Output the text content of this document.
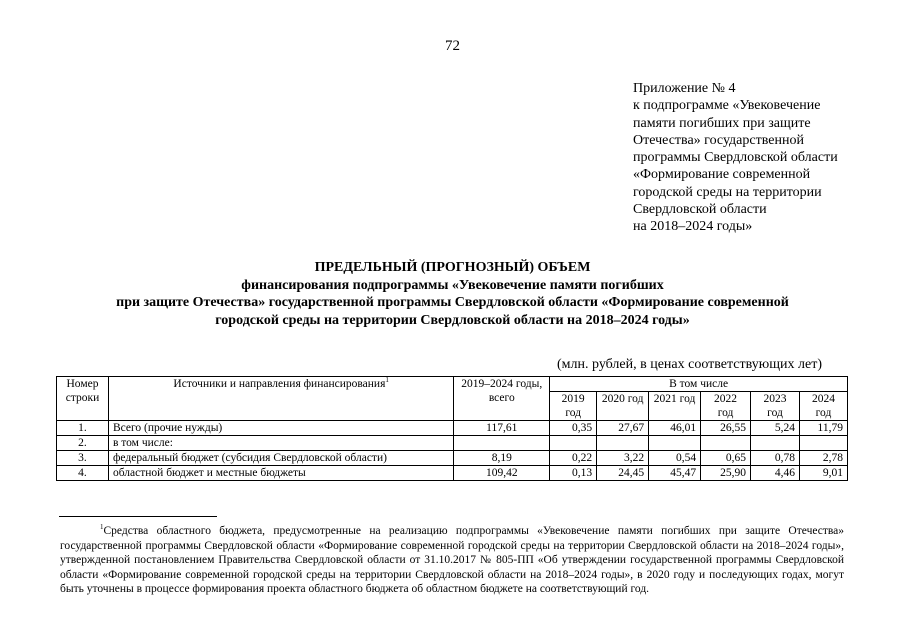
72
Приложение № 4
к подпрограмме «Увековечение
памяти погибших при защите
Отечества» государственной
программы Свердловской области
«Формирование современной
городской среды на территории
Свердловской области
на 2018–2024 годы»
ПРЕДЕЛЬНЫЙ (ПРОГНОЗНЫЙ) ОБЪЕМ
финансирования подпрограммы «Увековечение памяти погибших
при защите Отечества» государственной программы Свердловской области «Формирование современной
городской среды на территории Свердловской области на 2018–2024 годы»
(млн. рублей, в ценах соответствующих лет)
Номер строки	Источники и направления финансирования$^1$	2019–2024 годы, всего	В том числе					
			2019 год	2020 год	2021 год	2022 год	2023 год	2024 год
1.	Всего (прочие нужды)	117,61	0,35	27,67	46,01	26,55	5,24	11,79
2.	в том числе:							
3.	федеральный бюджет (субсидия Свердловской области)	8,19	0,22	3,22	0,54	0,65	0,78	2,78
4.	областной бюджет и местные бюджеты	109,42	0,13	24,45	45,47	25,90	4,46	9,01
$^1$Средства областного бюджета, предусмотренные на реализацию подпрограммы «Увековечение памяти погибших при защите Отечества» государственной программы Свердловской области «Формирование современной городской среды на территории Свердловской области на 2018–2024 годы», утвержденной постановлением Правительства Свердловской области от 31.10.2017 № 805-ПП «Об утверждении государственной программы Свердловской области «Формирование современной городской среды на территории Свердловской области на 2018–2024 годы», в 2020 году и последующих годах, могут быть уточнены в процессе формирования проекта областного бюджета об областном бюджете на соответствующий год.
